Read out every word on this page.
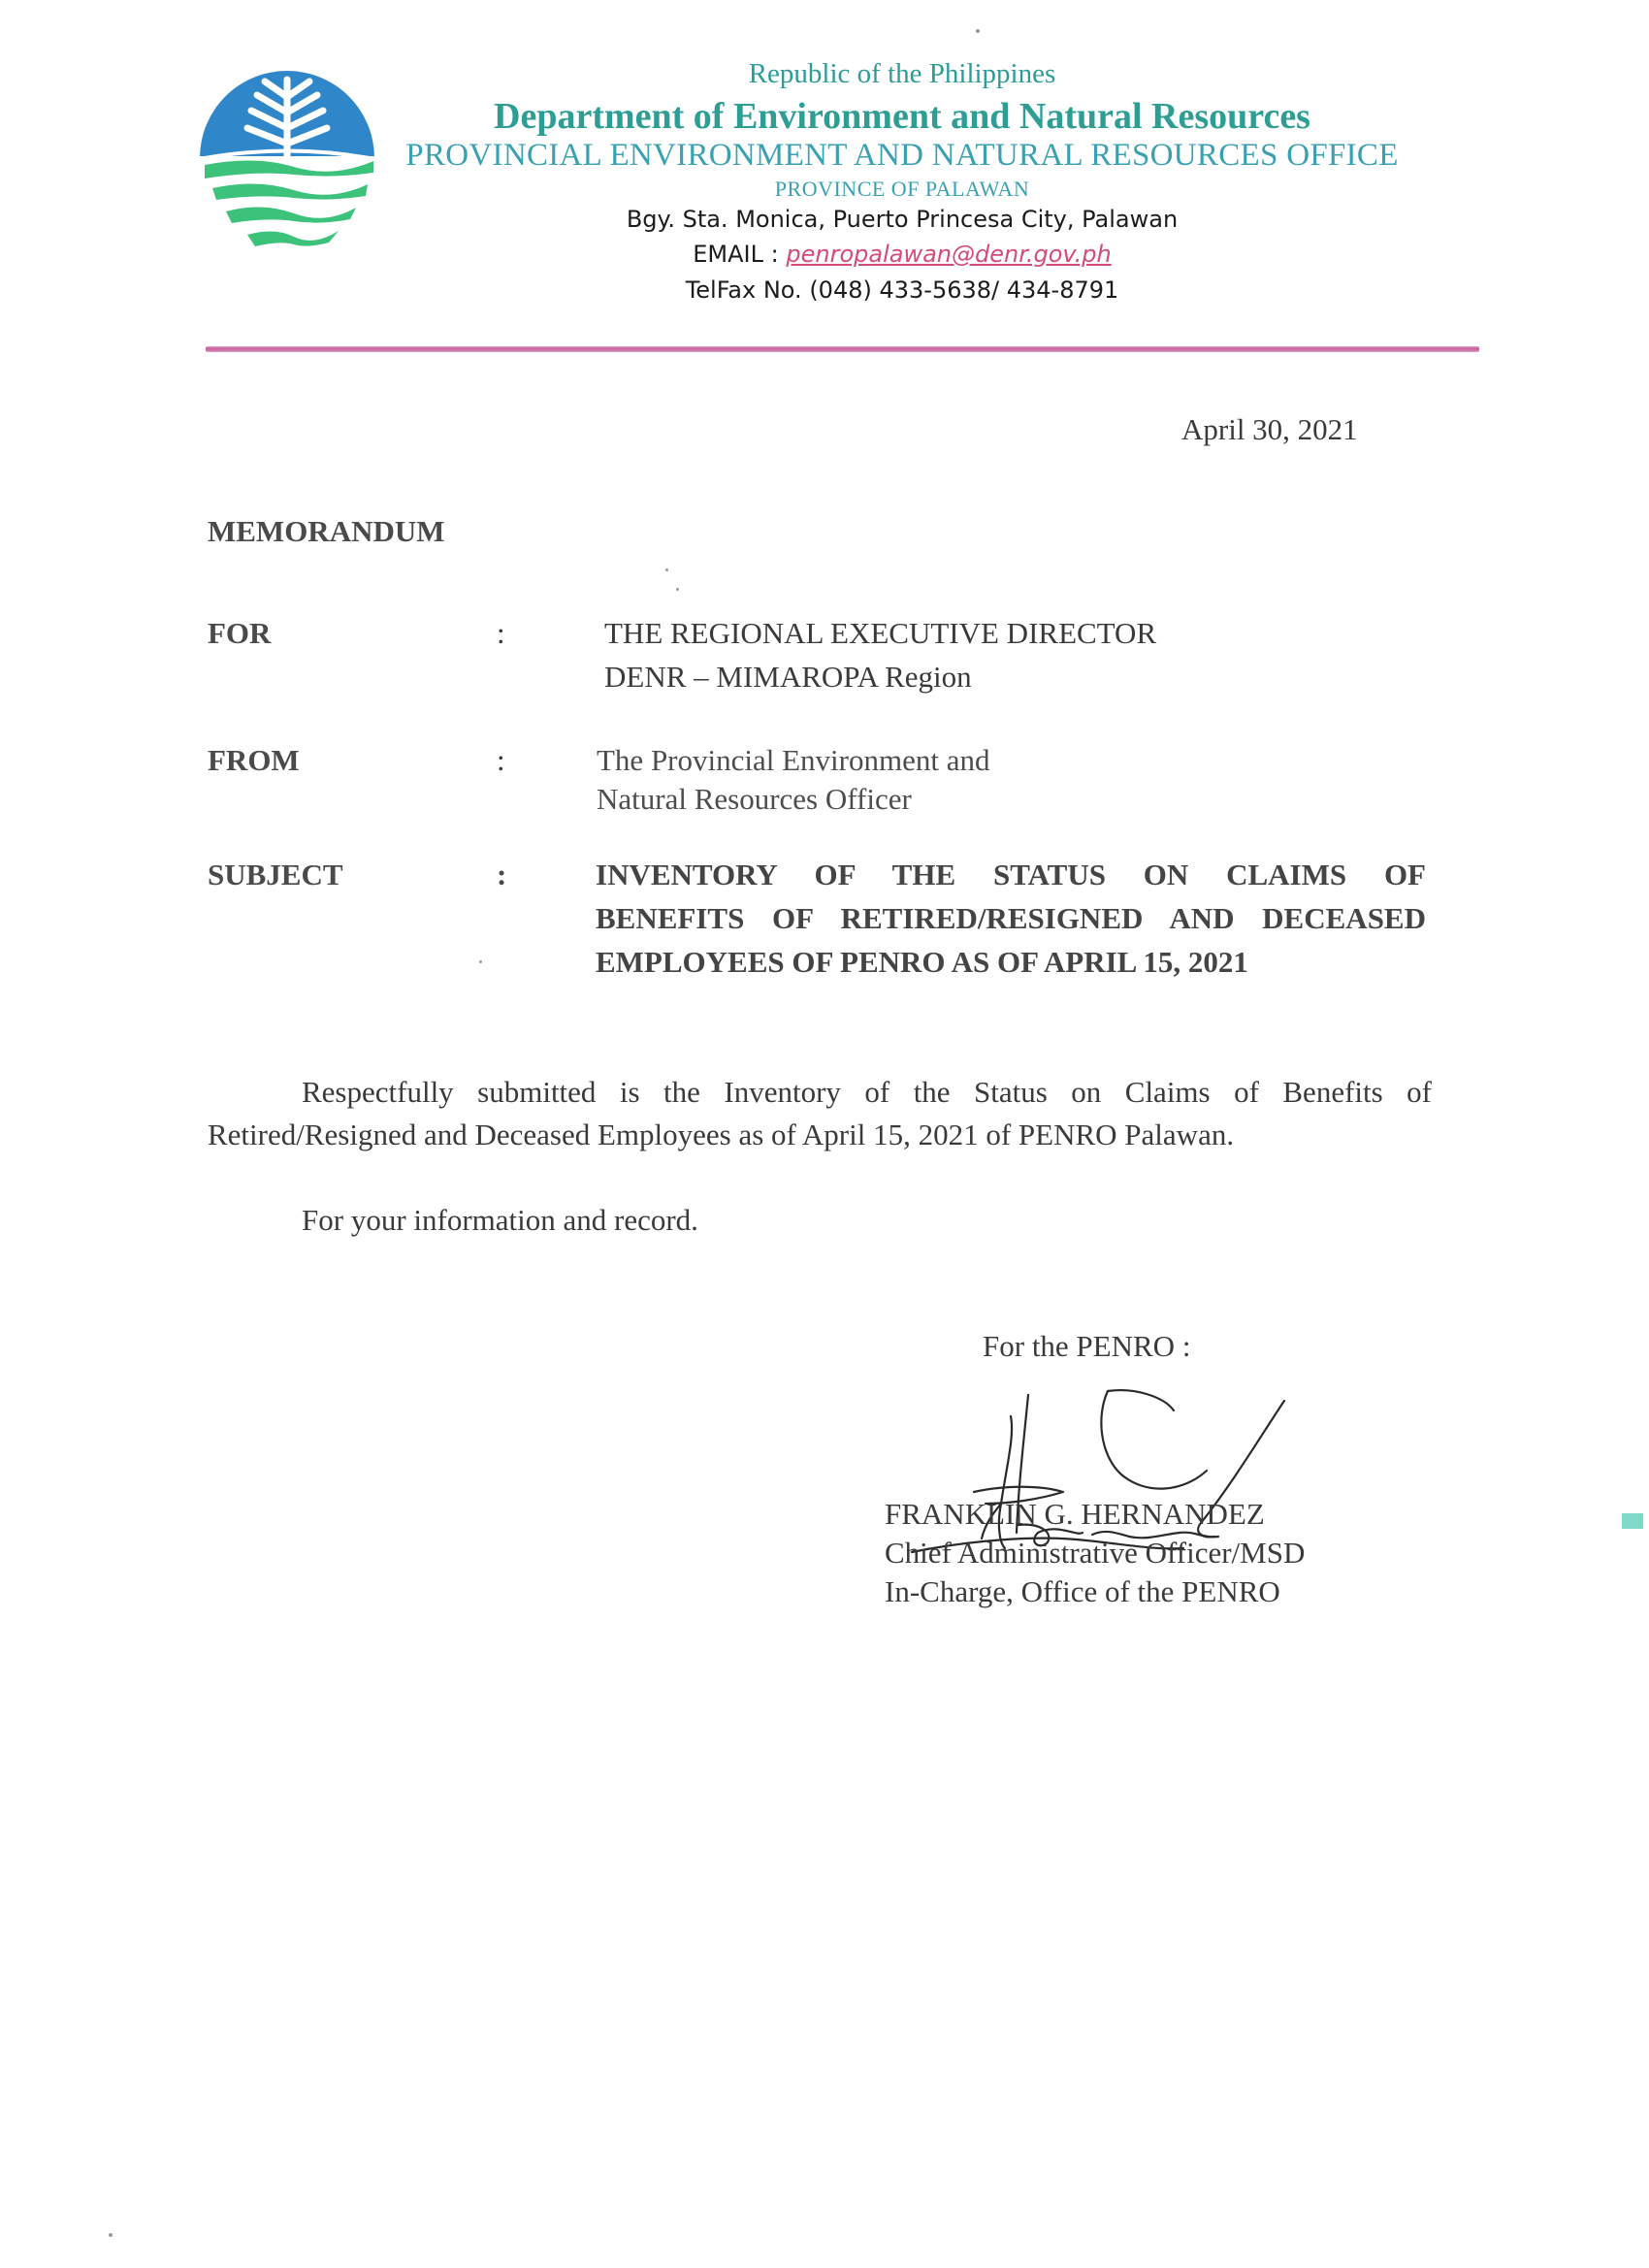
Republic of the Philippines
Department of Environment and Natural Resources
PROVINCIAL ENVIRONMENT AND NATURAL RESOURCES OFFICE
PROVINCE OF PALAWAN
Bgy. Sta. Monica, Puerto Princesa City, Palawan
EMAIL : penropalawan@denr.gov.ph
TelFax No. (048) 433-5638/ 434-8791
April 30, 2021
MEMORANDUM
FOR	:	THE REGIONAL EXECUTIVE DIRECTOR
DENR – MIMAROPA Region
FROM	:	The Provincial Environment and
Natural Resources Officer
SUBJECT	:	INVENTORY OF THE STATUS ON CLAIMS OF
BENEFITS OF RETIRED/RESIGNED AND DECEASED
EMPLOYEES OF PENRO AS OF APRIL 15, 2021
Respectfully submitted is the Inventory of the Status on Claims of Benefits of
Retired/Resigned and Deceased Employees as of April 15, 2021 of PENRO Palawan.
For your information and record.
For the PENRO :
FRANKLIN G. HERNANDEZ
Chief Administrative Officer/MSD
In-Charge, Office of the PENRO
